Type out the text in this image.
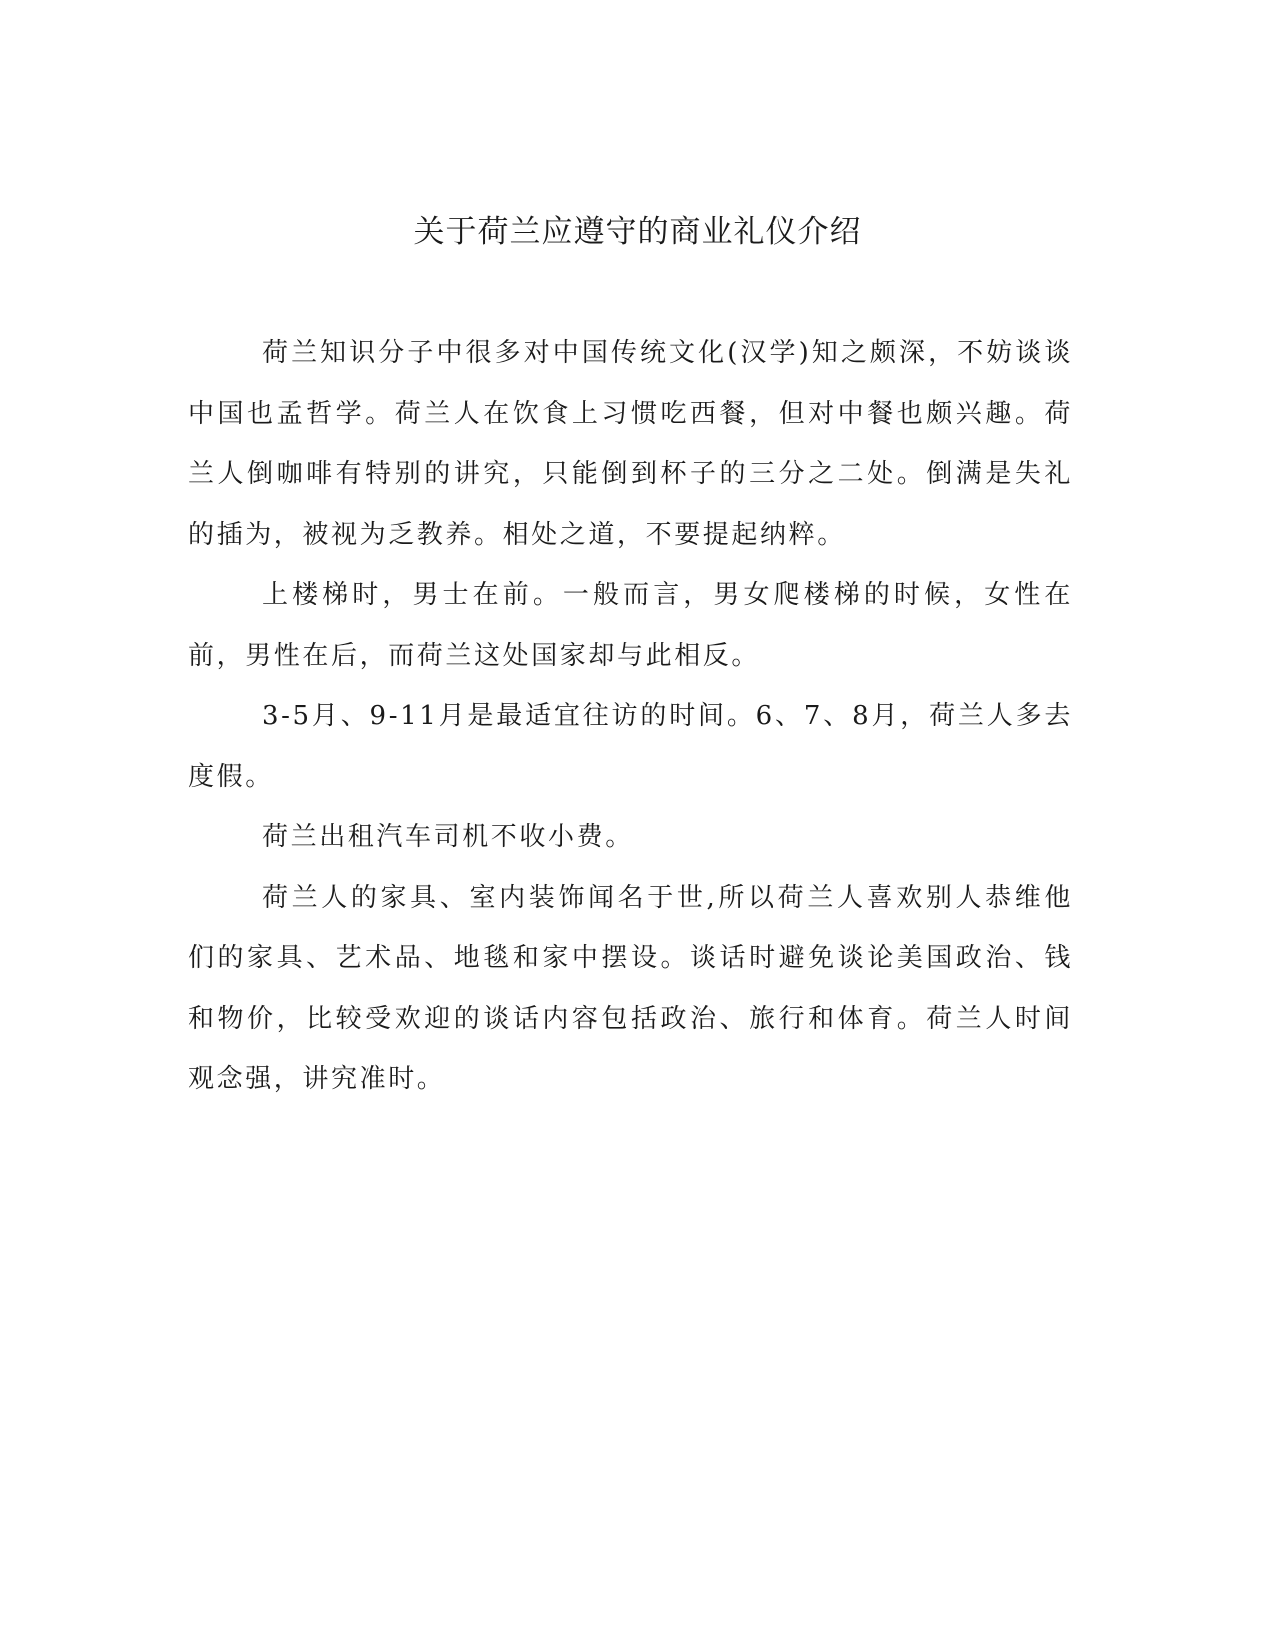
关于荷兰应遵守的商业礼仪介绍

荷兰知识分子中很多对中国传统文化(汉学)知之颇深，不妨谈谈中国也孟哲学。荷兰人在饮食上习惯吃西餐，但对中餐也颇兴趣。荷兰人倒咖啡有特别的讲究，只能倒到杯子的三分之二处。倒满是失礼的插为，被视为乏教养。相处之道，不要提起纳粹。

上楼梯时，男士在前。一般而言，男女爬楼梯的时候，女性在前，男性在后，而荷兰这处国家却与此相反。

3-5月、9-11月是最适宜往访的时间。6、7、8月，荷兰人多去度假。

荷兰出租汽车司机不收小费。

荷兰人的家具、室内装饰闻名于世,所以荷兰人喜欢别人恭维他们的家具、艺术品、地毯和家中摆设。谈话时避免谈论美国政治、钱和物价，比较受欢迎的谈话内容包括政治、旅行和体育。荷兰人时间观念强，讲究准时。
